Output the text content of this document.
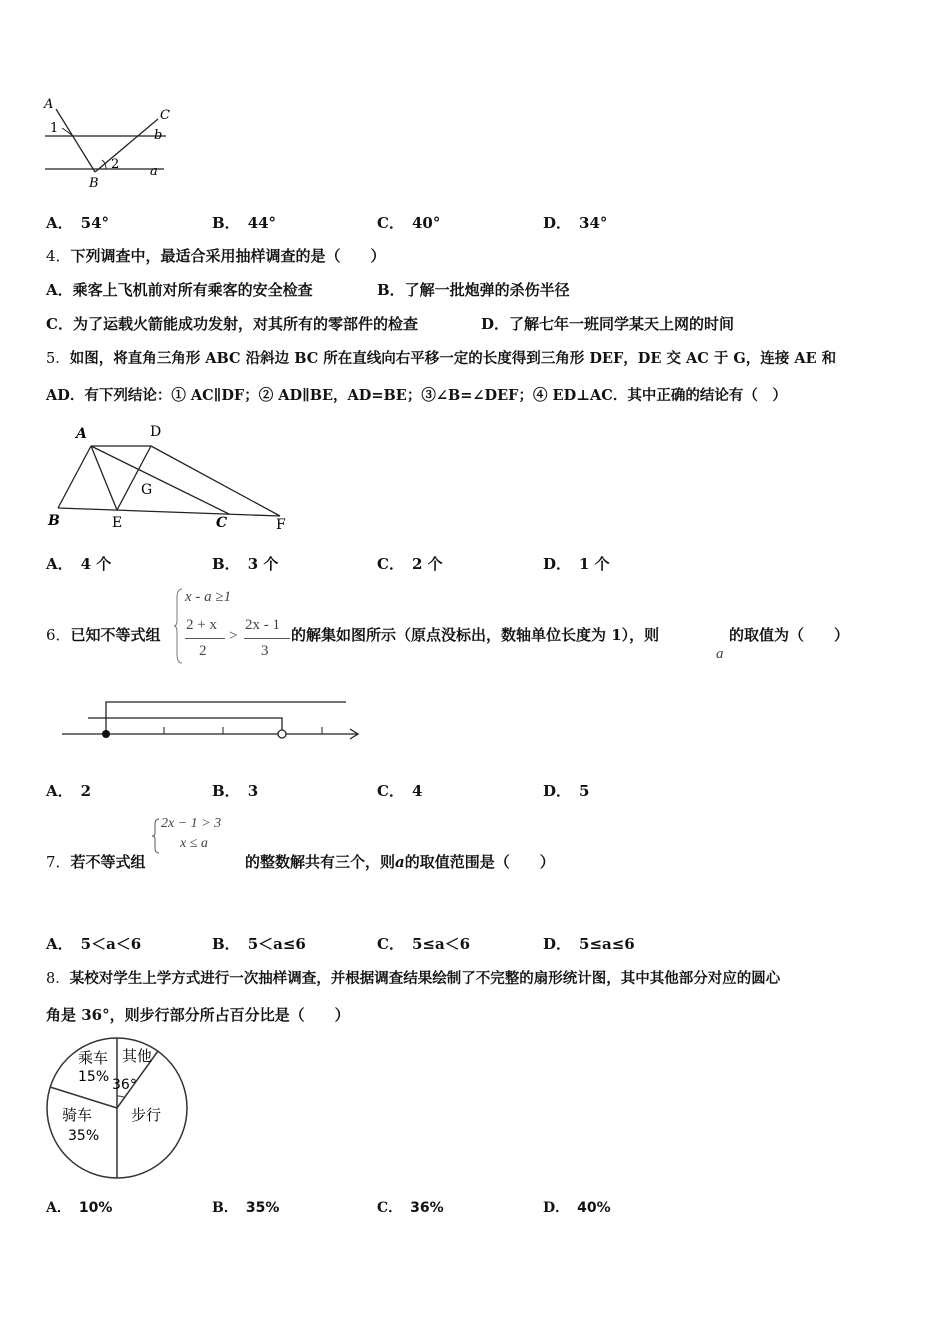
A
1
C
b
2
B
a
A． 54°	B． 44°	C． 40°	D． 34°
4．下列调查中，最适合采用抽样调查的是（　　）
A．乘客上飞机前对所有乘客的安全检查	B．了解一批炮弹的杀伤半径
C．为了运载火箭能成功发射，对其所有的零部件的检查	D．了解七年一班同学某天上网的时间
5．如图，将直角三角形 ABC 沿斜边 BC 所在直线向右平移一定的长度得到三角形 DEF，DE 交 AC 于 G，连接 AE 和
AD．有下列结论：① AC∥DF；② AD∥BE，AD=BE；③∠B=∠DEF；④ ED⊥AC．其中正确的结论有（　）
A	D
G
B	E	C	F
A． 4 个	B． 3 个	C． 2 个	D． 1 个
6．已知不等式组
x - a ≥1
2 + x
2
>
2x - 1
3
的解集如图所示（原点没标出，数轴单位长度为 1），则
a
的取值为（　　）
A． 2	B． 3	C． 4	D． 5
7．若不等式组
2x − 1 > 3
x ≤ a
的整数解共有三个，则a的取值范围是（　　）
A． 5＜a＜6	B． 5＜a≤6	C． 5≤a＜6	D． 5≤a≤6
8．某校对学生上学方式进行一次抽样调查，并根据调查结果绘制了不完整的扇形统计图，其中其他部分对应的圆心
角是 36°，则步行部分所占百分比是（　　）
乘车
15%
其他
36°
步行
骑车
35%
A． 10%	B． 35%	C． 36%	D． 40%
